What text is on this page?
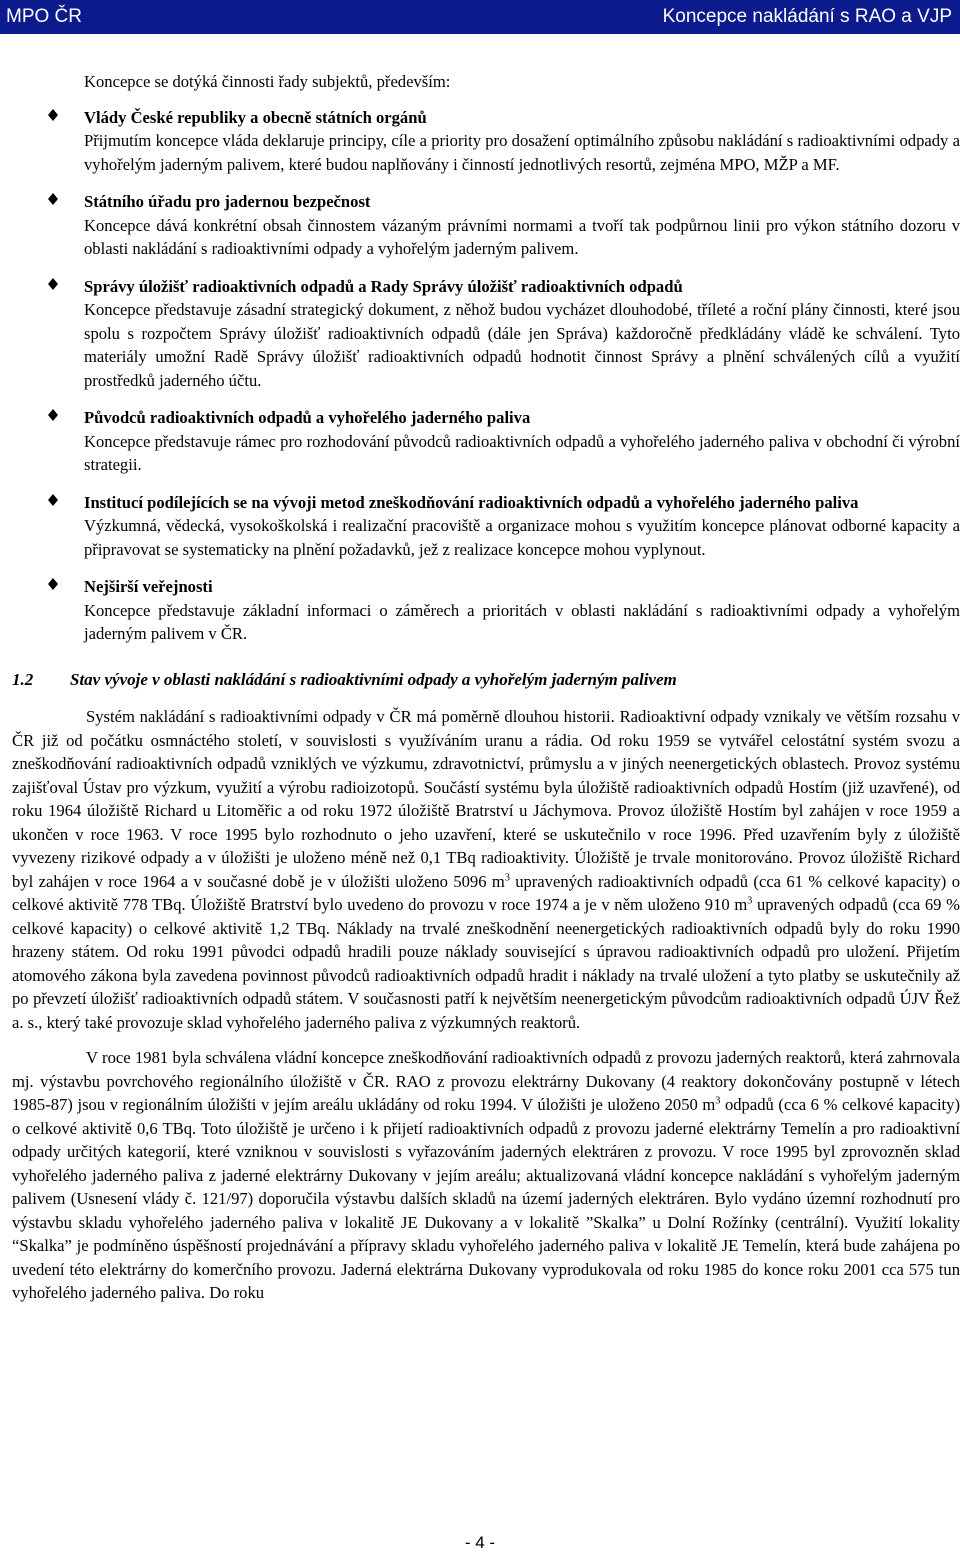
MPO ČR	Koncepce nakládání s RAO a VJP

Koncepce se dotýká činnosti řady subjektů, především:

Vlády České republiky a obecně státních orgánů
Přijmutím koncepce vláda deklaruje principy, cíle a priority pro dosažení optimálního způsobu nakládání s radioaktivními odpady a vyhořelým jaderným palivem, které budou naplňovány i činností jednotlivých resortů, zejména MPO, MŽP a MF.
Státního úřadu pro jadernou bezpečnost
Koncepce dává konkrétní obsah činnostem vázaným právními normami a tvoří tak podpůrnou linii pro výkon státního dozoru v oblasti nakládání s radioaktivními odpady a vyhořelým jaderným palivem.
Správy úložišť radioaktivních odpadů a Rady Správy úložišť radioaktivních odpadů
Koncepce představuje zásadní strategický dokument, z něhož budou vycházet dlouhodobé, tříleté a roční plány činnosti, které jsou spolu s rozpočtem Správy úložišť radioaktivních odpadů (dále jen Správa) každoročně předkládány vládě ke schválení. Tyto materiály umožní Radě Správy úložišť radioaktivních odpadů hodnotit činnost Správy a plnění schválených cílů a využití prostředků jaderného účtu.
Původců radioaktivních odpadů a vyhořelého jaderného paliva
Koncepce představuje rámec pro rozhodování původců radioaktivních odpadů a vyhořelého jaderného paliva v obchodní či výrobní strategii.
Institucí podílejících se na vývoji metod zneškodňování radioaktivních odpadů a vyhořelého jaderného paliva
Výzkumná, vědecká, vysokoškolská i realizační pracoviště a organizace mohou s využitím koncepce plánovat odborné kapacity a připravovat se systematicky na plnění požadavků, jež z realizace koncepce mohou vyplynout.
Nejširší veřejnosti
Koncepce představuje základní informaci o záměrech a prioritách v oblasti nakládání s radioaktivními odpady a vyhořelým jaderným palivem v ČR.
1.2 Stav vývoje v oblasti nakládání s radioaktivními odpady a vyhořelým jaderným palivem

Systém nakládání s radioaktivními odpady v ČR má poměrně dlouhou historii. Radioaktivní odpady vznikaly ve větším rozsahu v ČR již od počátku osmnáctého století, v souvislosti s využíváním uranu a rádia. Od roku 1959 se vytvářel celostátní systém svozu a zneškodňování radioaktivních odpadů vzniklých ve výzkumu, zdravotnictví, průmyslu a v jiných neenergetických oblastech. Provoz systému zajišťoval Ústav pro výzkum, využití a výrobu radioizotopů. Součástí systému byla úložiště radioaktivních odpadů Hostím (již uzavřené), od roku 1964 úložiště Richard u Litoměřic a od roku 1972 úložiště Bratrství u Jáchymova. Provoz úložiště Hostím byl zahájen v roce 1959 a ukončen v roce 1963. V roce 1995 bylo rozhodnuto o jeho uzavření, které se uskutečnilo v roce 1996. Před uzavřením byly z úložiště vyvezeny rizikové odpady a v úložišti je uloženo méně než 0,1 TBq radioaktivity. Úložiště je trvale monitorováno. Provoz úložiště Richard byl zahájen v roce 1964 a v současné době je v úložišti uloženo 5096 $m^3$ upravených radioaktivních odpadů (cca 61 % celkové kapacity) o celkové aktivitě 778 TBq. Úložiště Bratrství bylo uvedeno do provozu v roce 1974 a je v něm uloženo 910 $m^3$ upravených odpadů (cca 69 % celkové kapacity) o celkové aktivitě 1,2 TBq. Náklady na trvalé zneškodnění neenergetických radioaktivních odpadů byly do roku 1990 hrazeny státem. Od roku 1991 původci odpadů hradili pouze náklady související s úpravou radioaktivních odpadů pro uložení. Přijetím atomového zákona byla zavedena povinnost původců radioaktivních odpadů hradit i náklady na trvalé uložení a tyto platby se uskutečnily až po převzetí úložišť radioaktivních odpadů státem. V současnosti patří k největším neenergetickým původcům radioaktivních odpadů ÚJV Řež a. s., který také provozuje sklad vyhořelého jaderného paliva z výzkumných reaktorů.

V roce 1981 byla schválena vládní koncepce zneškodňování radioaktivních odpadů z provozu jaderných reaktorů, která zahrnovala mj. výstavbu povrchového regionálního úložiště v ČR. RAO z provozu elektrárny Dukovany (4 reaktory dokončovány postupně v létech 1985-87) jsou v regionálním úložišti v jejím areálu ukládány od roku 1994. V úložišti je uloženo 2050 $m^3$ odpadů (cca 6 % celkové kapacity) o celkové aktivitě 0,6 TBq. Toto úložiště je určeno i k přijetí radioaktivních odpadů z provozu jaderné elektrárny Temelín a pro radioaktivní odpady určitých kategorií, které vzniknou v souvislosti s vyřazováním jaderných elektráren z provozu. V roce 1995 byl zprovozněn sklad vyhořelého jaderného paliva z jaderné elektrárny Dukovany v jejím areálu; aktualizovaná vládní koncepce nakládání s vyhořelým jaderným palivem (Usnesení vlády č. 121/97) doporučila výstavbu dalších skladů na území jaderných elektráren. Bylo vydáno územní rozhodnutí pro výstavbu skladu vyhořelého jaderného paliva v lokalitě JE Dukovany a v lokalitě ”Skalka” u Dolní Rožínky (centrální). Využití lokality “Skalka” je podmíněno úspěšností projednávání a přípravy skladu vyhořelého jaderného paliva v lokalitě JE Temelín, která bude zahájena po uvedení této elektrárny do komerčního provozu. Jaderná elektrárna Dukovany vyprodukovala od roku 1985 do konce roku 2001 cca 575 tun vyhořelého jaderného paliva. Do roku

- 4 -
